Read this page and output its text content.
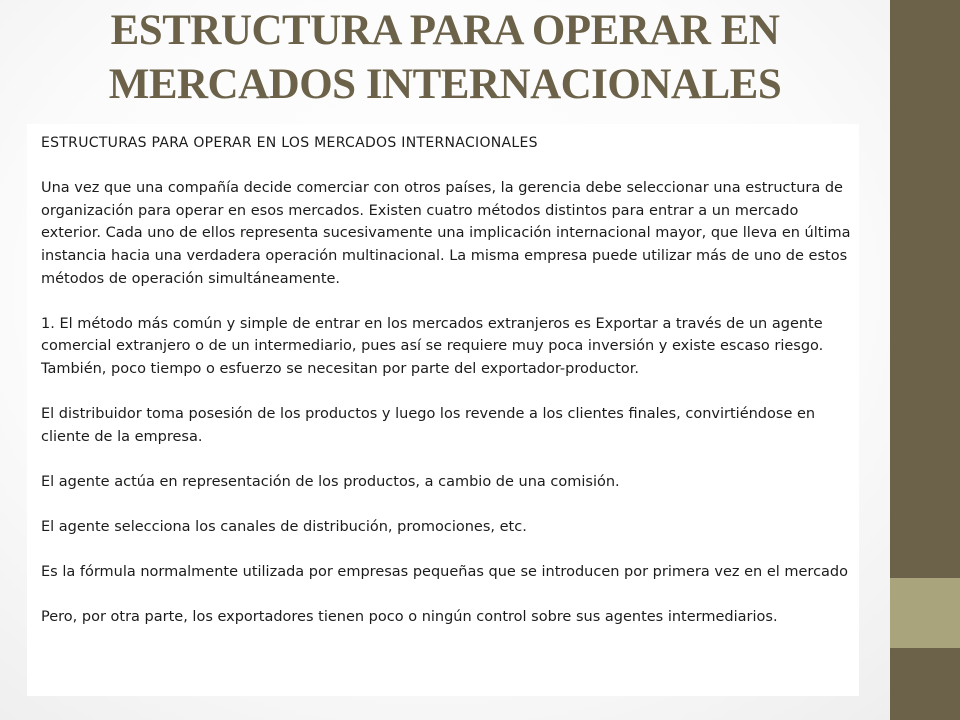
ESTRUCTURA PARA OPERAR EN
MERCADOS INTERNACIONALES

ESTRUCTURAS PARA OPERAR EN LOS MERCADOS INTERNACIONALES

Una vez que una compañía decide comerciar con otros países, la gerencia debe seleccionar una estructura de organización para operar en esos mercados. Existen cuatro métodos distintos para entrar a un mercado exterior. Cada uno de ellos representa sucesivamente una implicación internacional mayor, que lleva en última instancia hacia una verdadera operación multinacional. La misma empresa puede utilizar más de uno de estos métodos de operación simultáneamente.

1. El método más común y simple de entrar en los mercados extranjeros es Exportar a través de un agente comercial extranjero o de un intermediario, pues así se requiere muy poca inversión y existe escaso riesgo. También, poco tiempo o esfuerzo se necesitan por parte del exportador-productor.

El distribuidor toma posesión de los productos y luego los revende a los clientes finales, convirtiéndose en cliente de la empresa.

El agente actúa en representación de los productos, a cambio de una comisión.

El agente selecciona los canales de distribución, promociones, etc.

Es la fórmula normalmente utilizada por empresas pequeñas que se introducen por primera vez en el mercado

Pero, por otra parte, los exportadores tienen poco o ningún control sobre sus agentes intermediarios.
